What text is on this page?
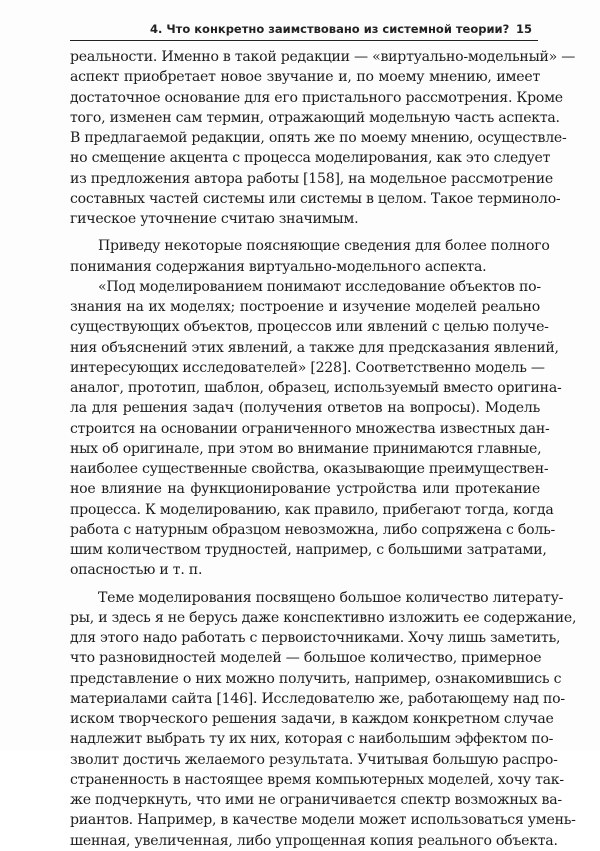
4. Что конкретно заимствовано из системной теории? 15
реальности. Именно в такой редакции — «виртуально-модельный» —
аспект приобретает новое звучание и, по моему мнению, имеет
достаточное основание для его пристального рассмотрения. Кроме
того, изменен сам термин, отражающий модельную часть аспекта.
В предлагаемой редакции, опять же по моему мнению, осуществле-
но смещение акцента с процесса моделирования, как это следует
из предложения автора работы [158], на модельное рассмотрение
составных частей системы или системы в целом. Такое терминоло-
гическое уточнение считаю значимым.
Приведу некоторые поясняющие сведения для более полного
понимания содержания виртуально-модельного аспекта.
«Под моделированием понимают исследование объектов по-
знания на их моделях; построение и изучение моделей реально
существующих объектов, процессов или явлений с целью получе-
ния объяснений этих явлений, а также для предсказания явлений,
интересующих исследователей» [228]. Соответственно модель —
аналог, прототип, шаблон, образец, используемый вместо оригина-
ла для решения задач (получения ответов на вопросы). Модель
строится на основании ограниченного множества известных дан-
ных об оригинале, при этом во внимание принимаются главные,
наиболее существенные свойства, оказывающие преимуществен-
ное влияние на функционирование устройства или протекание
процесса. К моделированию, как правило, прибегают тогда, когда
работа с натурным образцом невозможна, либо сопряжена с боль-
шим количеством трудностей, например, с большими затратами,
опасностью и т. п.
Теме моделирования посвящено большое количество литерату-
ры, и здесь я не берусь даже конспективно изложить ее содержание,
для этого надо работать с первоисточниками. Хочу лишь заметить,
что разновидностей моделей — большое количество, примерное
представление о них можно получить, например, ознакомившись с
материалами сайта [146]. Исследователю же, работающему над по-
иском творческого решения задачи, в каждом конкретном случае
надлежит выбрать ту их них, которая с наибольшим эффектом по-
зволит достичь желаемого результата. Учитывая большую распро-
страненность в настоящее время компьютерных моделей, хочу так-
же подчеркнуть, что ими не ограничивается спектр возможных ва-
риантов. Например, в качестве модели может использоваться умень-
шенная, увеличенная, либо упрощенная копия реального объекта.
